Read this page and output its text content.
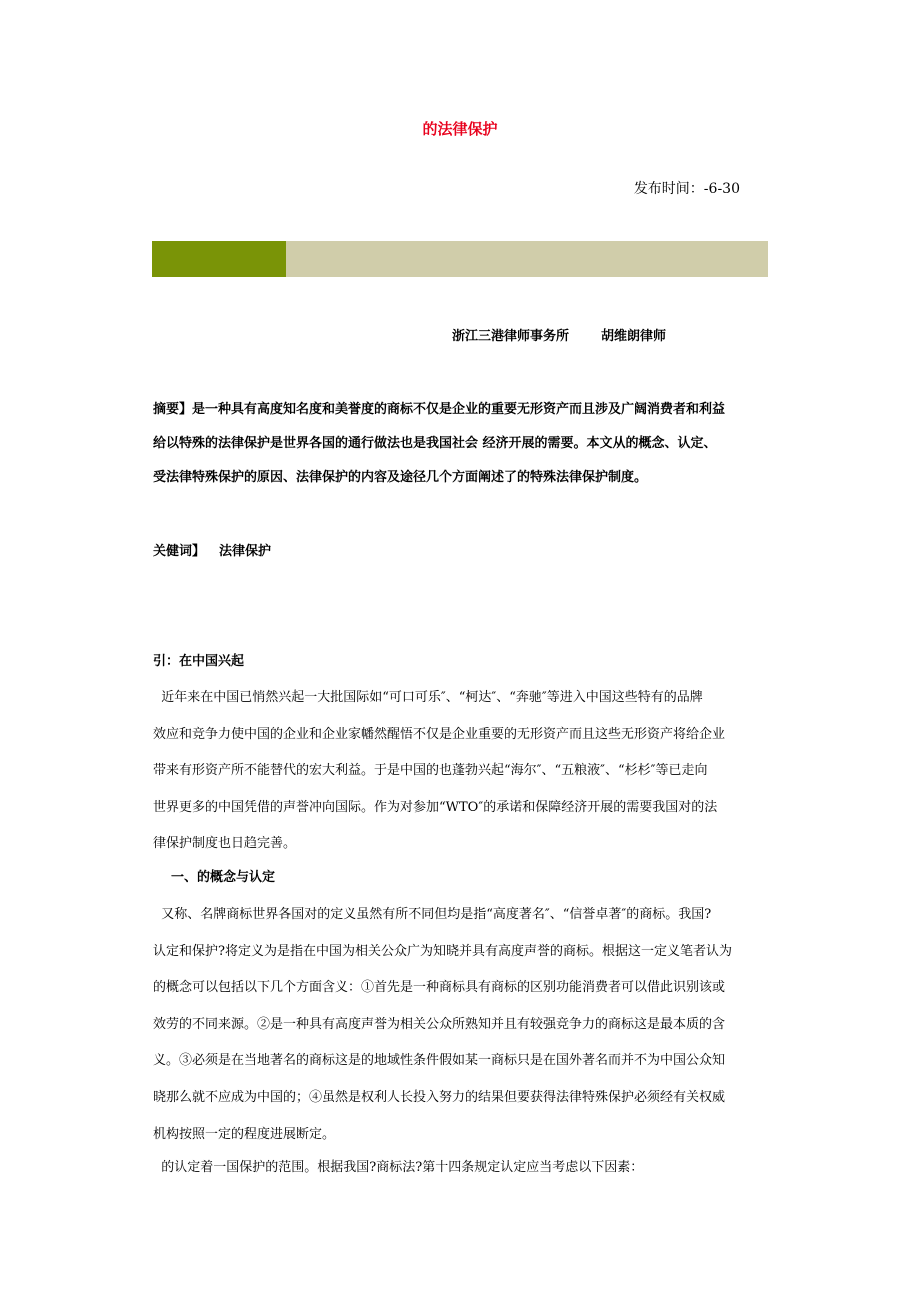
的法律保护
发布时间：-6-30
浙江三港律师事务所 胡维朗律师

摘要】是一种具有高度知名度和美誉度的商标不仅是企业的重要无形资产而且涉及广阔消费者和利益

给以特殊的法律保护是世界各国的通行做法也是我国社会 经济开展的需要。本文从的概念、认定、

受法律特殊保护的原因、法律保护的内容及途径几个方面阐述了的特殊法律保护制度。

关健词】 法律保护
引：在中国兴起

近年来在中国已悄然兴起一大批国际如“可口可乐″、“柯达″、“奔驰″等进入中国这些特有的品牌

效应和竞争力使中国的企业和企业家幡然醒悟不仅是企业重要的无形资产而且这些无形资产将给企业

带来有形资产所不能替代的宏大利益。于是中国的也蓬勃兴起“海尔″、“五粮液″、“杉杉″等已走向

世界更多的中国凭借的声誉冲向国际。作为对参加“WTO″的承诺和保障经济开展的需要我国对的法

律保护制度也日趋完善。

一、的概念与认定

又称、名牌商标世界各国对的定义虽然有所不同但均是指“高度著名″、“信誉卓著″的商标。我国?

认定和保护?将定义为是指在中国为相关公众广为知晓并具有高度声誉的商标。根据这一定义笔者认为

的概念可以包括以下几个方面含义：①首先是一种商标具有商标的区别功能消费者可以借此识别该或

效劳的不同来源。②是一种具有高度声誉为相关公众所熟知并且有较强竞争力的商标这是最本质的含

义。③必须是在当地著名的商标这是的地域性条件假如某一商标只是在国外著名而并不为中国公众知

晓那么就不应成为中国的；④虽然是权利人长投入努力的结果但要获得法律特殊保护必须经有关权威

机构按照一定的程度进展断定。

的认定着一国保护的范围。根据我国?商标法?第十四条规定认定应当考虑以下因素：
